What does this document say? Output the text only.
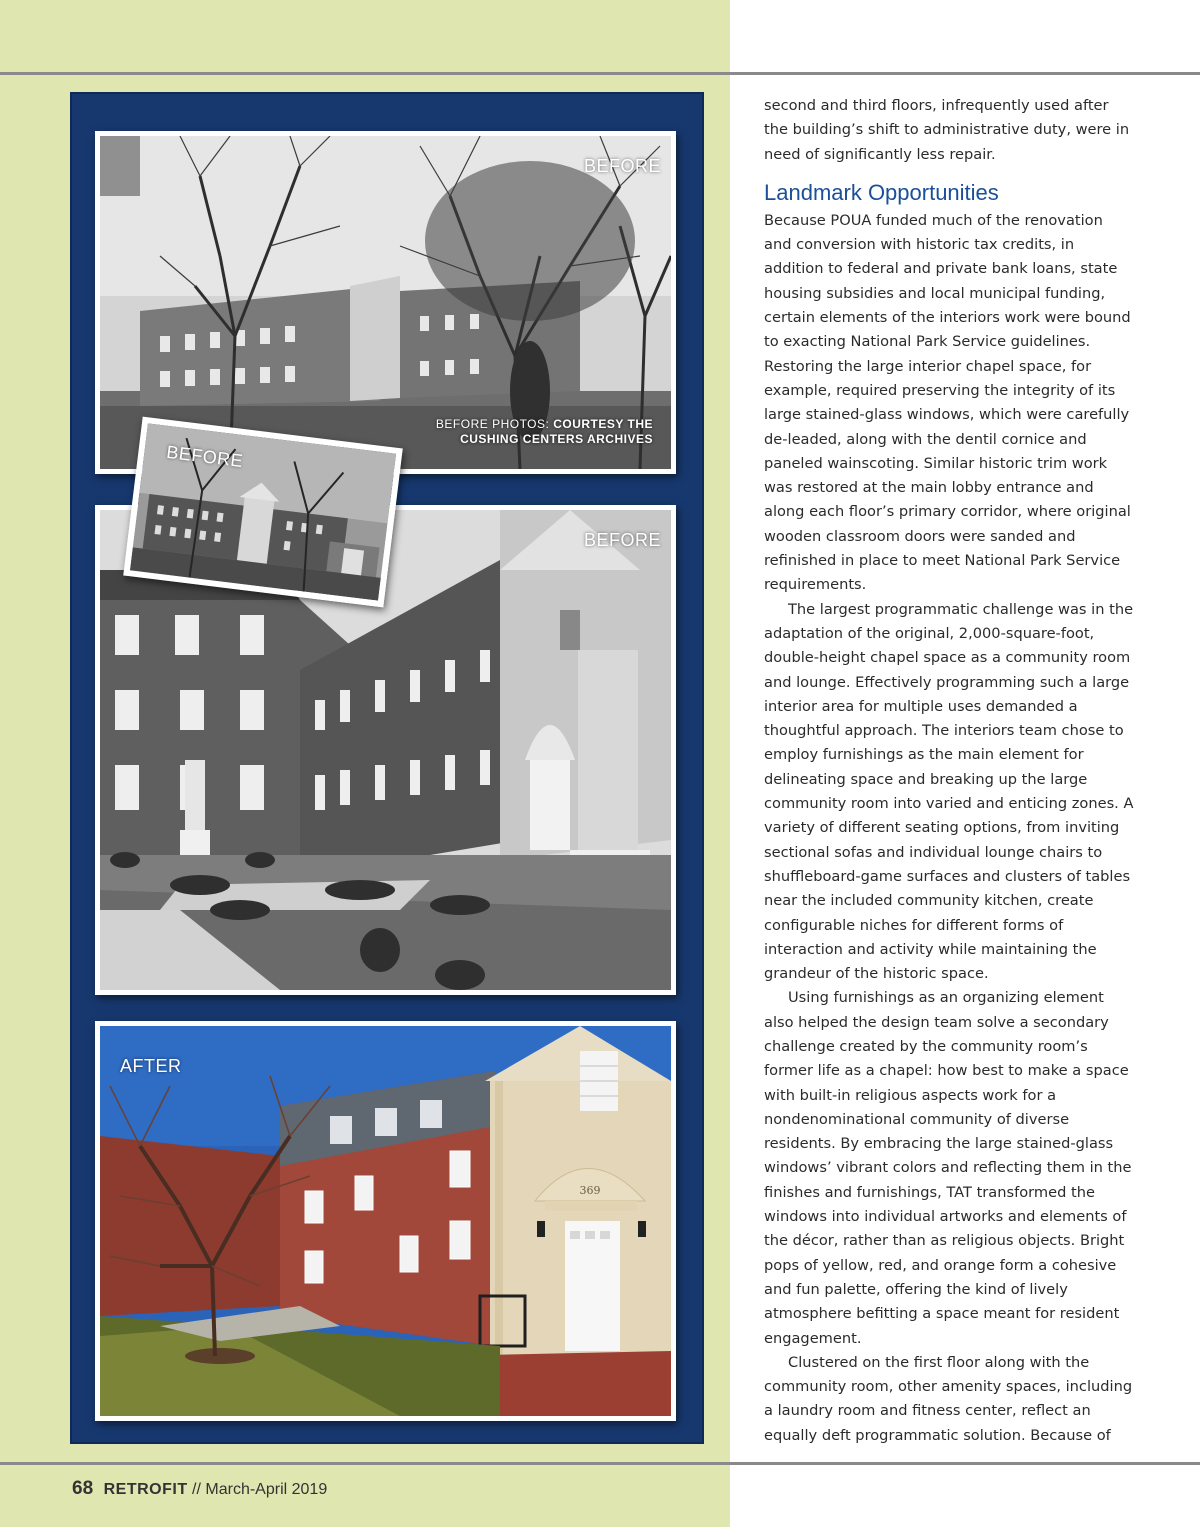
BEFORE
BEFORE PHOTOS: COURTESY THE
CUSHING CENTERS ARCHIVES
BEFORE
BEFORE
369
AFTER

second and third floors, infrequently used after the building’s shift to administrative duty, were in need of significantly less repair.

Landmark Opportunities

Because POUA funded much of the renovation and conversion with historic tax credits, in addition to federal and private bank loans, state housing subsidies and local municipal funding, certain elements of the interiors work were bound to exacting National Park Service guidelines. Restoring the large interior chapel space, for example, required preserving the integrity of its large stained-glass windows, which were carefully de-leaded, along with the dentil cornice and paneled wainscoting. Similar historic trim work was restored at the main lobby entrance and along each floor’s primary corridor, where original wooden classroom doors were sanded and refinished in place to meet National Park Service requirements.

The largest programmatic challenge was in the adaptation of the original, 2,000-square-foot, double-height chapel space as a community room and lounge. Effectively programming such a large interior area for multiple uses demanded a thoughtful approach. The interiors team chose to employ furnishings as the main element for delineating space and breaking up the large community room into varied and enticing zones. A variety of different seating options, from inviting sectional sofas and individual lounge chairs to shuffleboard-game surfaces and clusters of tables near the included community kitchen, create configurable niches for different forms of interaction and activity while maintaining the grandeur of the historic space.

Using furnishings as an organizing element also helped the design team solve a secondary challenge created by the community room’s former life as a chapel: how best to make a space with built-in religious aspects work for a nondenominational community of diverse residents. By embracing the large stained-glass windows’ vibrant colors and reflecting them in the finishes and furnishings, TAT transformed the windows into individual artworks and elements of the décor, rather than as religious objects. Bright pops of yellow, red, and orange form a cohesive and fun palette, offering the kind of lively atmosphere befitting a space meant for resident engagement.

Clustered on the first floor along with the community room, other amenity spaces, including a laundry room and fitness center, reflect an equally deft programmatic solution. Because of

68 RETROFIT // March-April 2019
